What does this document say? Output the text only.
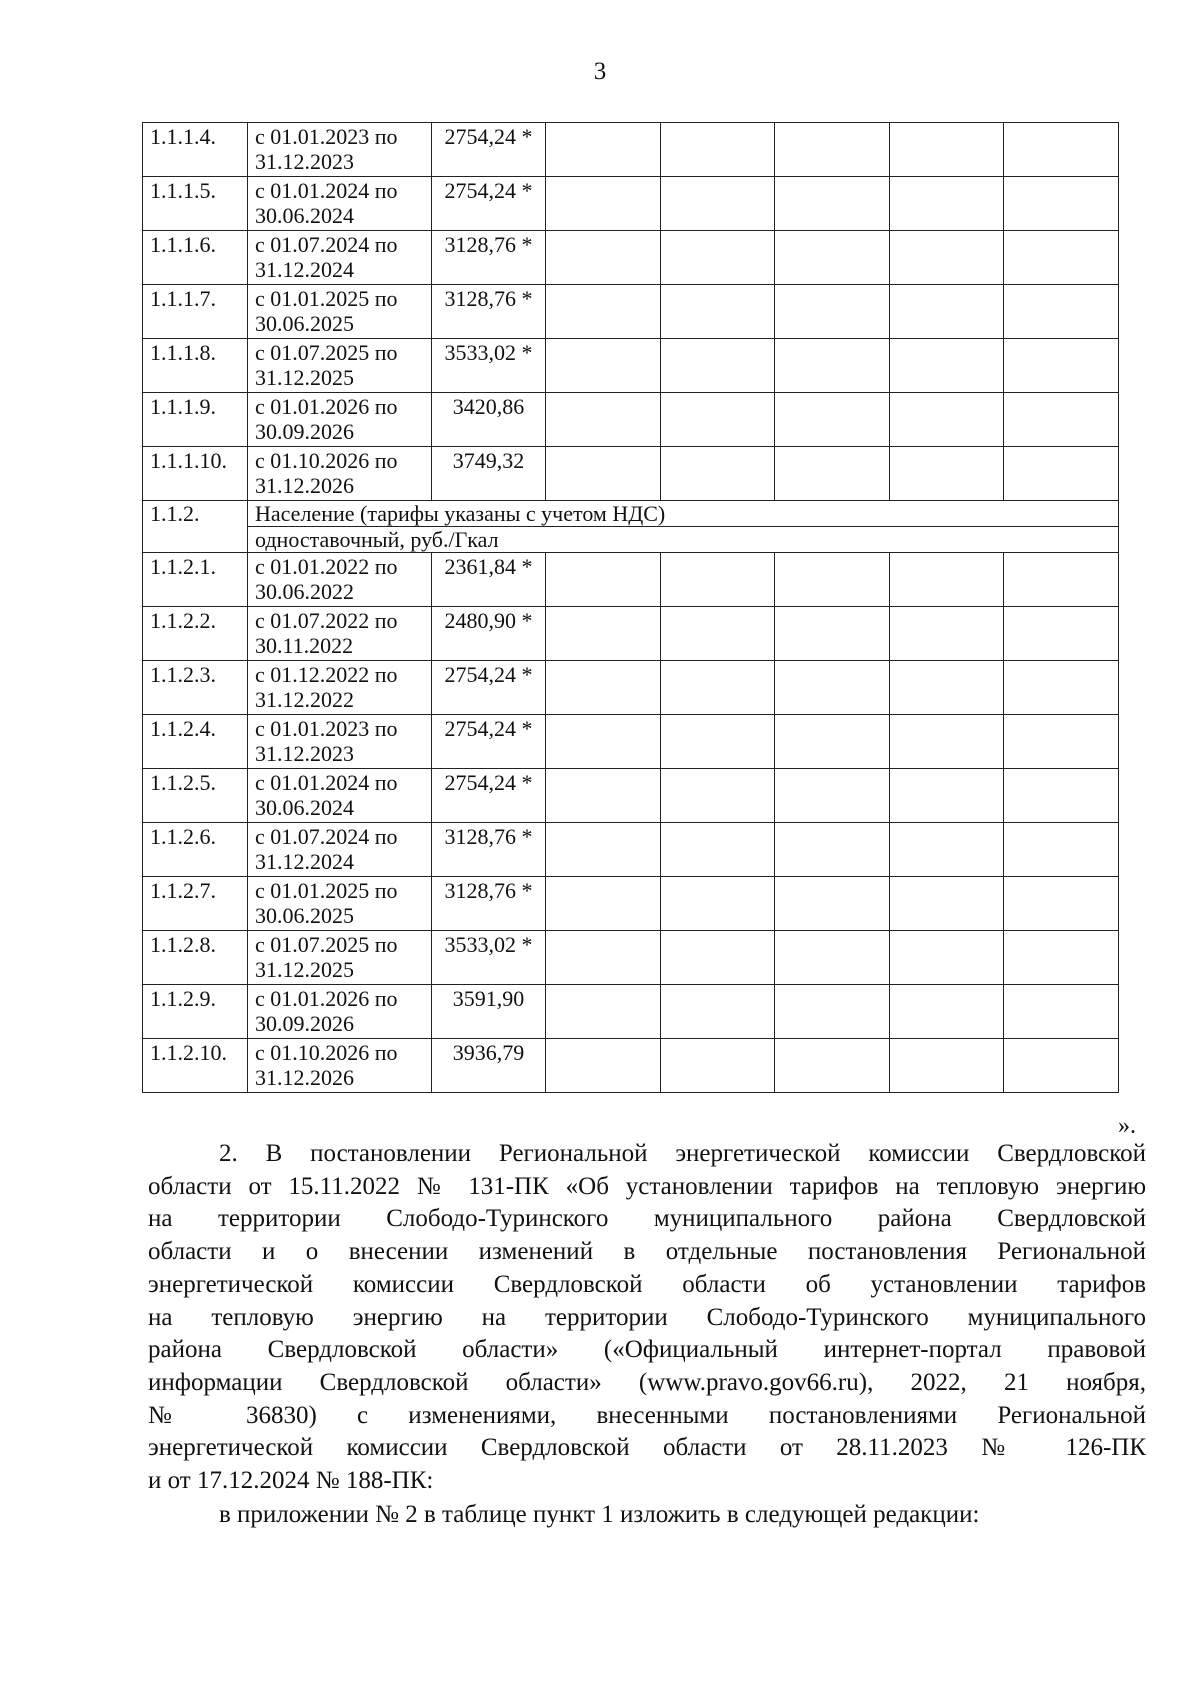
3
1.1.1.4.	с 01.01.2023 по 31.12.2023	2754,24 *					
1.1.1.5.	с 01.01.2024 по 30.06.2024	2754,24 *					
1.1.1.6.	с 01.07.2024 по 31.12.2024	3128,76 *					
1.1.1.7.	с 01.01.2025 по 30.06.2025	3128,76 *					
1.1.1.8.	с 01.07.2025 по 31.12.2025	3533,02 *					
1.1.1.9.	с 01.01.2026 по 30.09.2026	3420,86					
1.1.1.10.	с 01.10.2026 по 31.12.2026	3749,32					
1.1.2.	Население (тарифы указаны с учетом НДС)						
	одноставочный, руб./Гкал						
1.1.2.1.	с 01.01.2022 по 30.06.2022	2361,84 *					
1.1.2.2.	с 01.07.2022 по 30.11.2022	2480,90 *					
1.1.2.3.	с 01.12.2022 по 31.12.2022	2754,24 *					
1.1.2.4.	с 01.01.2023 по 31.12.2023	2754,24 *					
1.1.2.5.	с 01.01.2024 по 30.06.2024	2754,24 *					
1.1.2.6.	с 01.07.2024 по 31.12.2024	3128,76 *					
1.1.2.7.	с 01.01.2025 по 30.06.2025	3128,76 *					
1.1.2.8.	с 01.07.2025 по 31.12.2025	3533,02 *					
1.1.2.9.	с 01.01.2026 по 30.09.2026	3591,90					
1.1.2.10.	с 01.10.2026 по 31.12.2026	3936,79					
».

2. В постановлении Региональной энергетической комиссии Свердловской

области от 15.11.2022 № 131-ПК «Об установлении тарифов на тепловую энергию

на территории Слободо-Туринского муниципального района Свердловской

области и о внесении изменений в отдельные постановления Региональной

энергетической комиссии Свердловской области об установлении тарифов

на тепловую энергию на территории Слободо-Туринского муниципального

района Свердловской области» («Официальный интернет-портал правовой

информации Свердловской области» (www.pravo.gov66.ru), 2022, 21 ноября,

№ 36830) с изменениями, внесенными постановлениями Региональной

энергетической комиссии Свердловской области от 28.11.2023 № 126-ПК

и от 17.12.2024 № 188-ПК:

в приложении № 2 в таблице пункт 1 изложить в следующей редакции:
